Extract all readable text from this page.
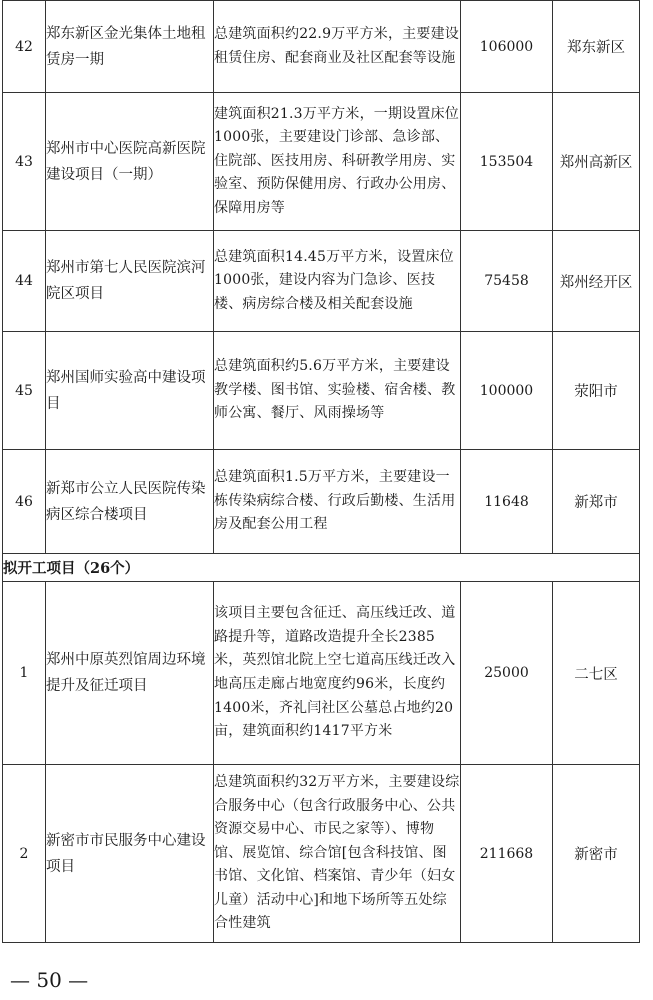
42	郑东新区金光集体土地租赁房一期	总建筑面积约22.9万平方米，主要建设租赁住房、配套商业及社区配套等设施	106000	郑东新区
43	郑州市中心医院高新医院建设项目（一期）	建筑面积21.3万平方米，一期设置床位1000张，主要建设门诊部、急诊部、住院部、医技用房、科研教学用房、实验室、预防保健用房、行政办公用房、保障用房等	153504	郑州高新区
44	郑州市第七人民医院滨河院区项目	总建筑面积14.45万平方米，设置床位1000张，建设内容为门急诊、医技楼、病房综合楼及相关配套设施	75458	郑州经开区
45	郑州国师实验高中建设项目	总建筑面积约5.6万平方米，主要建设教学楼、图书馆、实验楼、宿舍楼、教师公寓、餐厅、风雨操场等	100000	荥阳市
46	新郑市公立人民医院传染病区综合楼项目	总建筑面积1.5万平方米，主要建设一栋传染病综合楼、行政后勤楼、生活用房及配套公用工程	11648	新郑市
拟开工项目（26个）				
1	郑州中原英烈馆周边环境提升及征迁项目	该项目主要包含征迁、高压线迁改、道路提升等，道路改造提升全长2385米，英烈馆北院上空七道高压线迁改入地高压走廊占地宽度约96米，长度约1400米，齐礼闫社区公墓总占地约20亩，建筑面积约1417平方米	25000	二七区
2	新密市市民服务中心建设项目	总建筑面积约32万平方米，主要建设综合服务中心（包含行政服务中心、公共资源交易中心、市民之家等）、博物馆、展览馆、综合馆[包含科技馆、图书馆、文化馆、档案馆、青少年（妇女儿童）活动中心]和地下场所等五处综合性建筑	211668	新密市
— 50 —
